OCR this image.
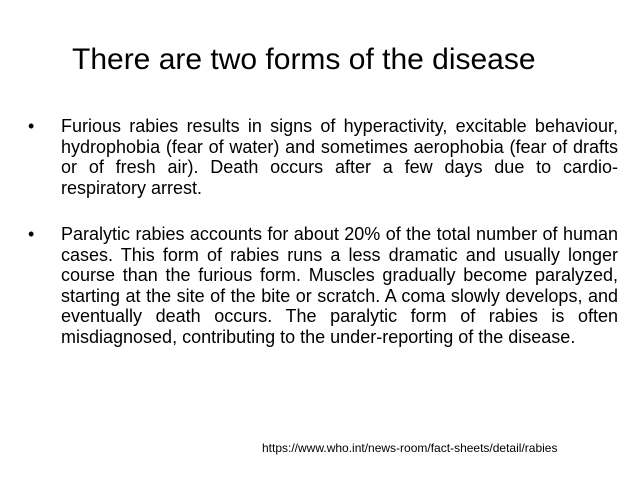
There are two forms of the disease
•	Furious rabies results in signs of hyperactivity, excitable behaviour, hydrophobia (fear of water) and sometimes aerophobia (fear of drafts or of fresh air). Death occurs after a few days due to cardio-respiratory arrest.
•	Paralytic rabies accounts for about 20% of the total number of human cases. This form of rabies runs a less dramatic and usually longer course than the furious form. Muscles gradually become paralyzed, starting at the site of the bite or scratch. A coma slowly develops, and eventually death occurs. The paralytic form of rabies is often misdiagnosed, contributing to the under-reporting of the disease.
https://www.who.int/news-room/fact-sheets/detail/rabies
